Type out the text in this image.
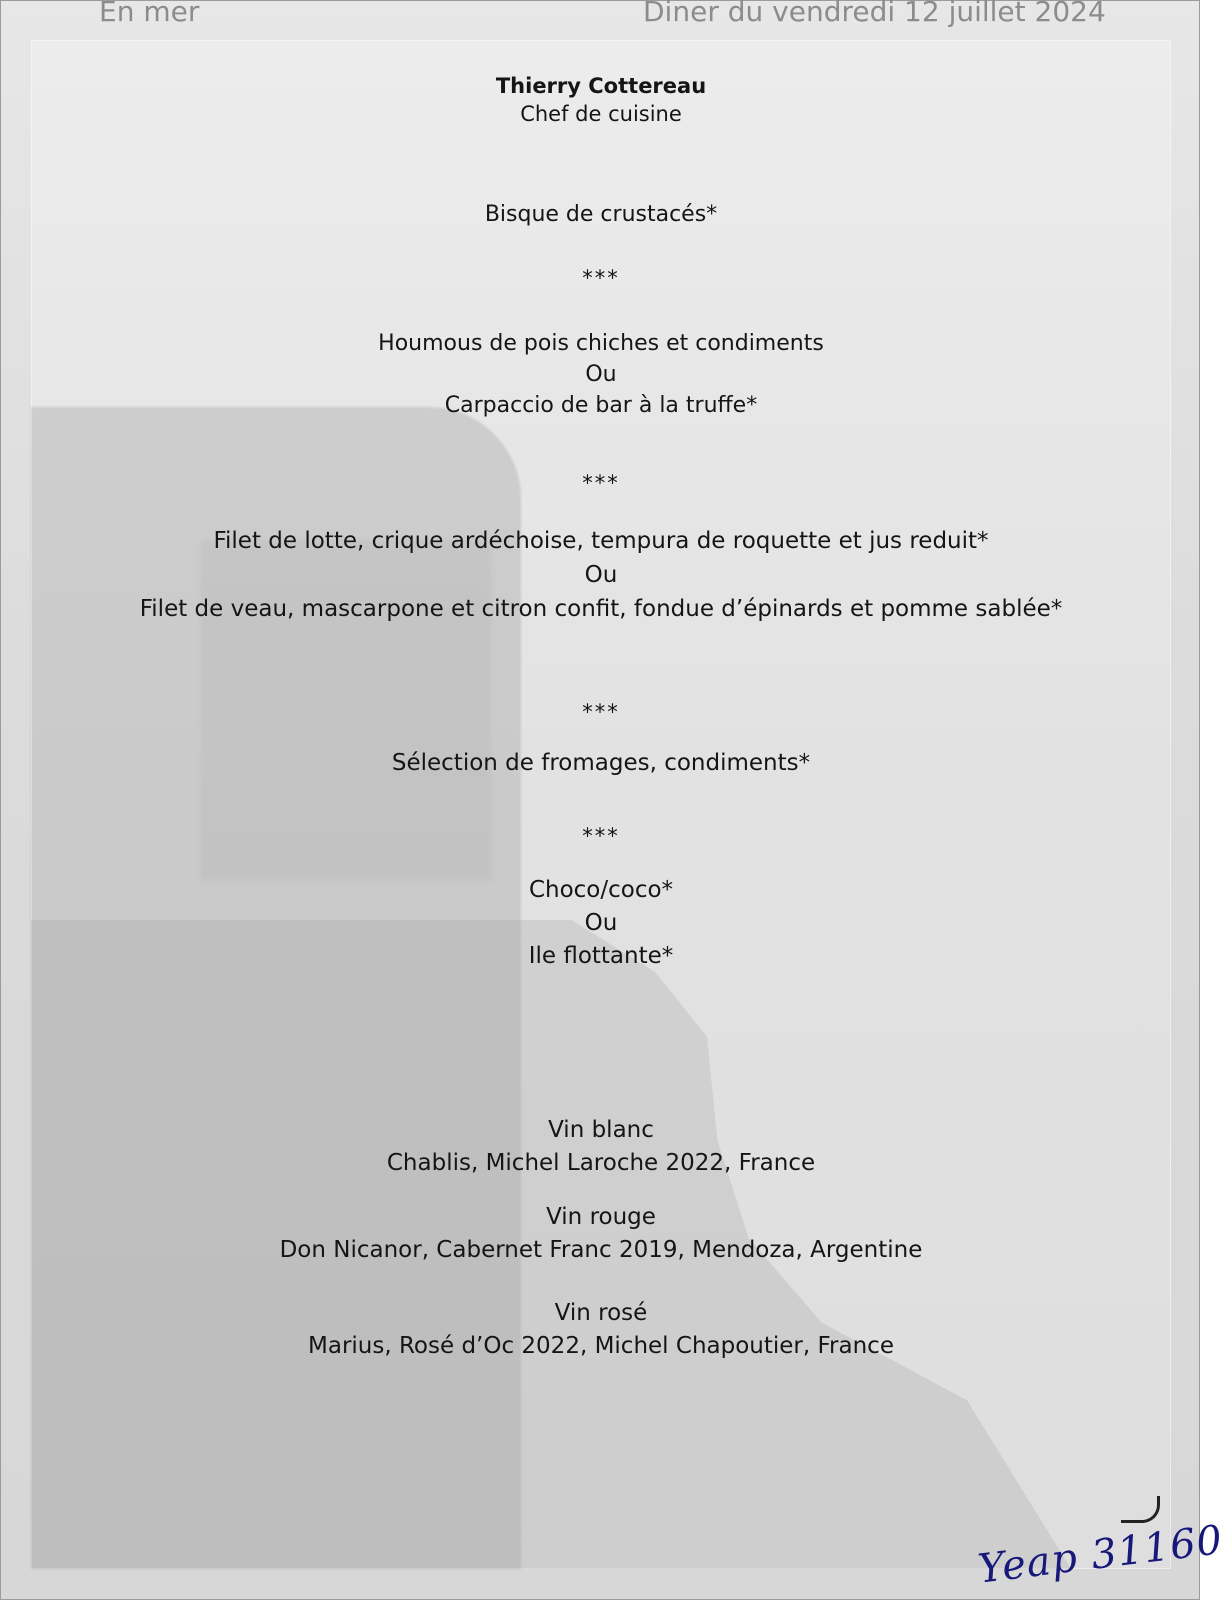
En mer	Diner du vendredi 12 juillet 2024
Thierry Cottereau
Chef de cuisine
Bisque de crustacés*
***
Houmous de pois chiches et condiments
Ou
Carpaccio de bar à la truffe*
***
Filet de lotte, crique ardéchoise, tempura de roquette et jus reduit*
Ou
Filet de veau, mascarpone et citron confit, fondue d’épinards et pomme sablée*
***
Sélection de fromages, condiments*
***
Choco/coco*
Ou
Ile flottante*
Vin blanc
Chablis, Michel Laroche 2022, France
Vin rouge
Don Nicanor, Cabernet Franc 2019, Mendoza, Argentine
Vin rosé
Marius, Rosé d’Oc 2022, Michel Chapoutier, France
Yeap 31160
